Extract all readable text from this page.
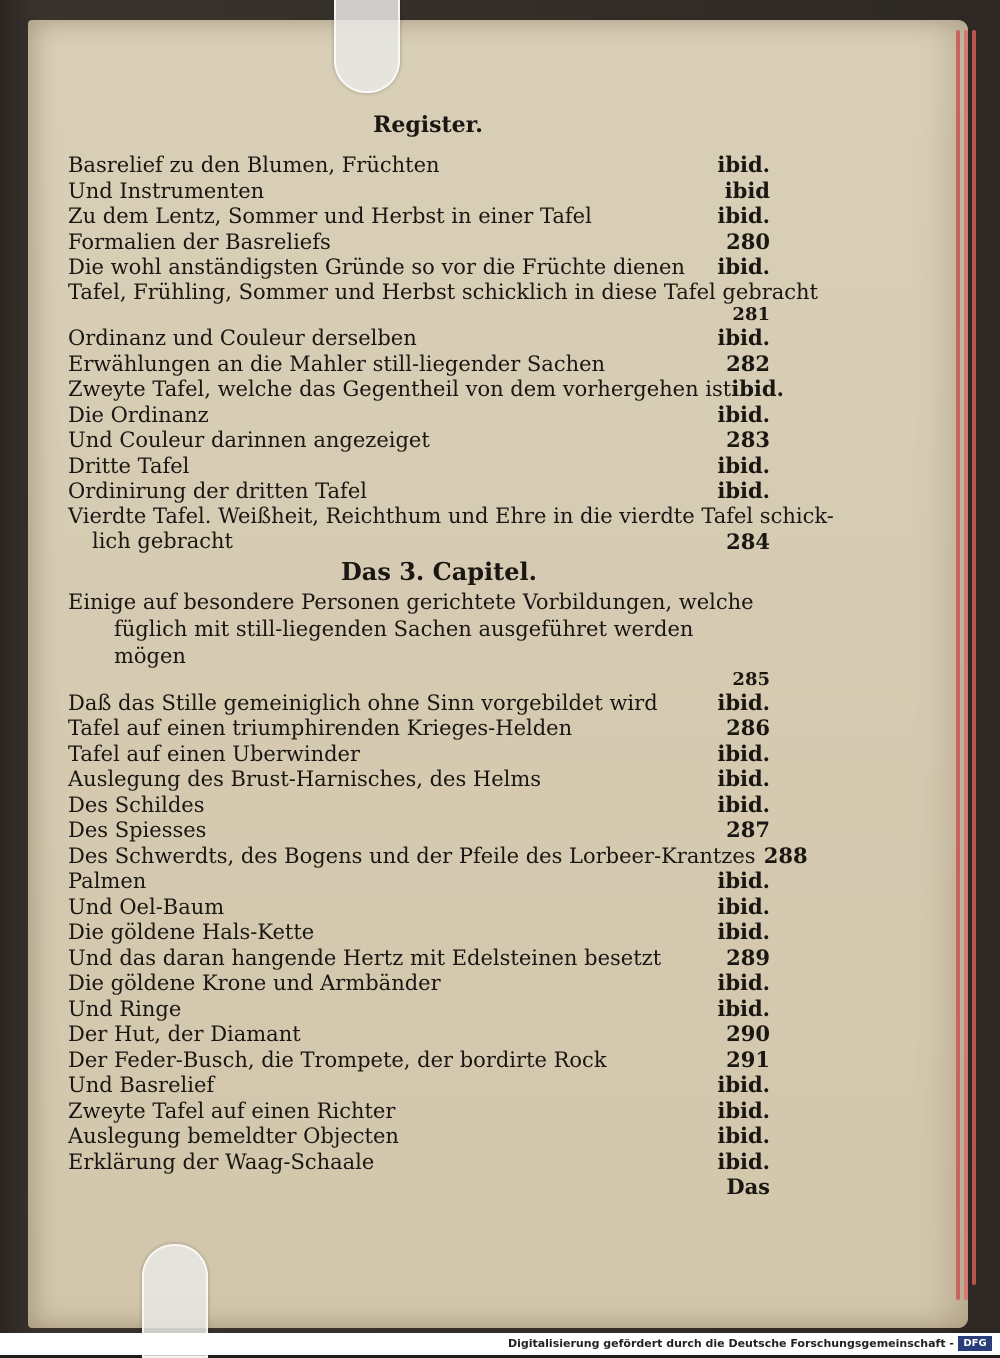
Register.
Basrelief zu den Blumen, Früchten	ibid.
Und Instrumenten	ibid
Zu dem Lentz, Sommer und Herbst in einer Tafel	ibid.
Formalien der Basreliefs	280
Die wohl anständigsten Gründe so vor die Früchte dienen	ibid.
Tafel, Frühling, Sommer und Herbst schicklich in diese Tafel gebracht
281
Ordinanz und Couleur derselben	ibid.
Erwählungen an die Mahler still-liegender Sachen	282
Zweyte Tafel, welche das Gegentheil von dem vorhergehen ist ibid.
Die Ordinanz	ibid.
Und Couleur darinnen angezeiget	283
Dritte Tafel	ibid.
Ordinirung der dritten Tafel	ibid.
Vierdte Tafel. Weißheit, Reichthum und Ehre in die vierdte Tafel schick-
lich gebracht	284
Das 3. Capitel.
Einige auf besondere Personen gerichtete Vorbildungen, welche
füglich mit still-liegenden Sachen ausgeführet werden mögen
285
Daß das Stille gemeiniglich ohne Sinn vorgebildet wird	ibid.
Tafel auf einen triumphirenden Krieges-Helden	286
Tafel auf einen Uberwinder	ibid.
Auslegung des Brust-Harnisches, des Helms	ibid.
Des Schildes	ibid.
Des Spiesses	287
Des Schwerdts, des Bogens und der Pfeile des Lorbeer-Krantzes 288
Palmen	ibid.
Und Oel-Baum	ibid.
Die göldene Hals-Kette	ibid.
Und das daran hangende Hertz mit Edelsteinen besetzt	289
Die göldene Krone und Armbänder	ibid.
Und Ringe	ibid.
Der Hut, der Diamant	290
Der Feder-Busch, die Trompete, der bordirte Rock	291
Und Basrelief	ibid.
Zweyte Tafel auf einen Richter	ibid.
Auslegung bemeldter Objecten	ibid.
Erklärung der Waag-Schaale	ibid.
Das
Digitalisierung gefördert durch die Deutsche Forschungsgemeinschaft - DFG
